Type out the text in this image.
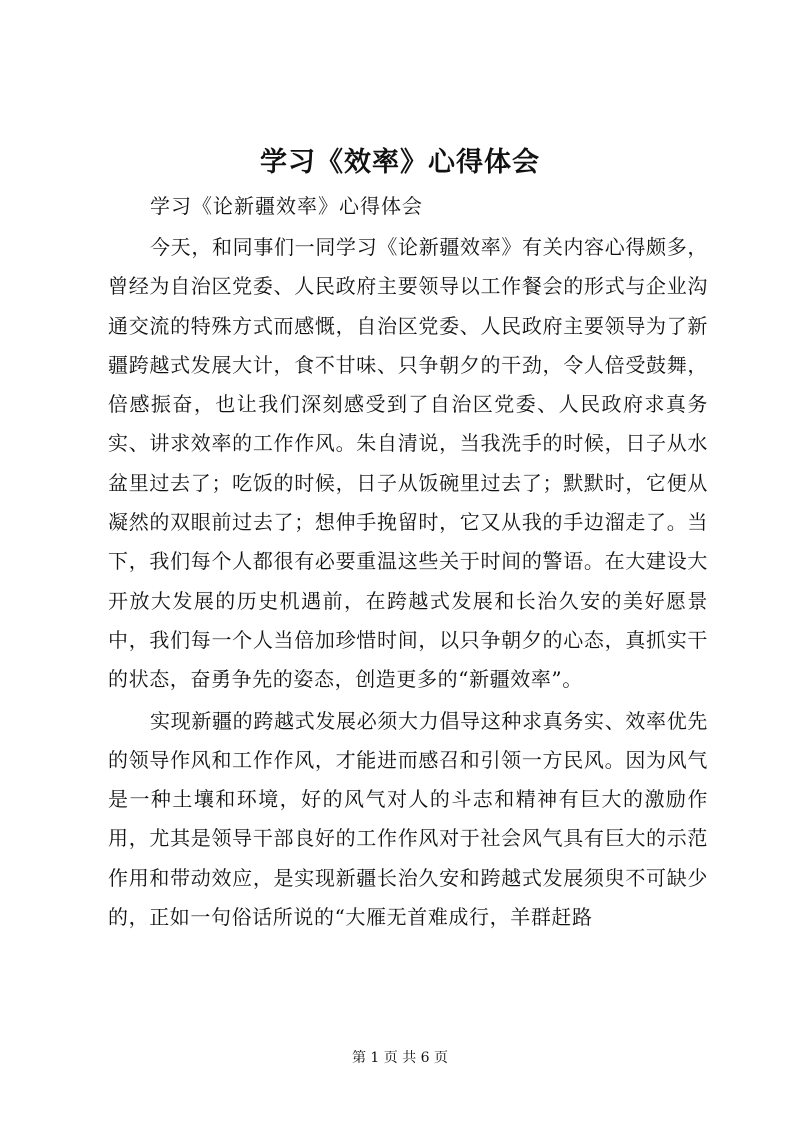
学习《效率》心得体会

学习《论新疆效率》心得体会

今天，和同事们一同学习《论新疆效率》有关内容心得颇多，曾经为自治区党委、人民政府主要领导以工作餐会的形式与企业沟通交流的特殊方式而感慨，自治区党委、人民政府主要领导为了新疆跨越式发展大计，食不甘味、只争朝夕的干劲，令人倍受鼓舞，倍感振奋，也让我们深刻感受到了自治区党委、人民政府求真务实、讲求效率的工作作风。朱自清说，当我洗手的时候，日子从水盆里过去了；吃饭的时候，日子从饭碗里过去了；默默时，它便从凝然的双眼前过去了；想伸手挽留时，它又从我的手边溜走了。当下，我们每个人都很有必要重温这些关于时间的警语。在大建设大开放大发展的历史机遇前，在跨越式发展和长治久安的美好愿景中，我们每一个人当倍加珍惜时间，以只争朝夕的心态，真抓实干的状态，奋勇争先的姿态，创造更多的“新疆效率”。

实现新疆的跨越式发展必须大力倡导这种求真务实、效率优先的领导作风和工作作风，才能进而感召和引领一方民风。因为风气是一种土壤和环境，好的风气对人的斗志和精神有巨大的激励作用，尤其是领导干部良好的工作作风对于社会风气具有巨大的示范作用和带动效应，是实现新疆长治久安和跨越式发展须臾不可缺少的，正如一句俗话所说的“大雁无首难成行，羊群赶路

第 1 页 共 6 页
